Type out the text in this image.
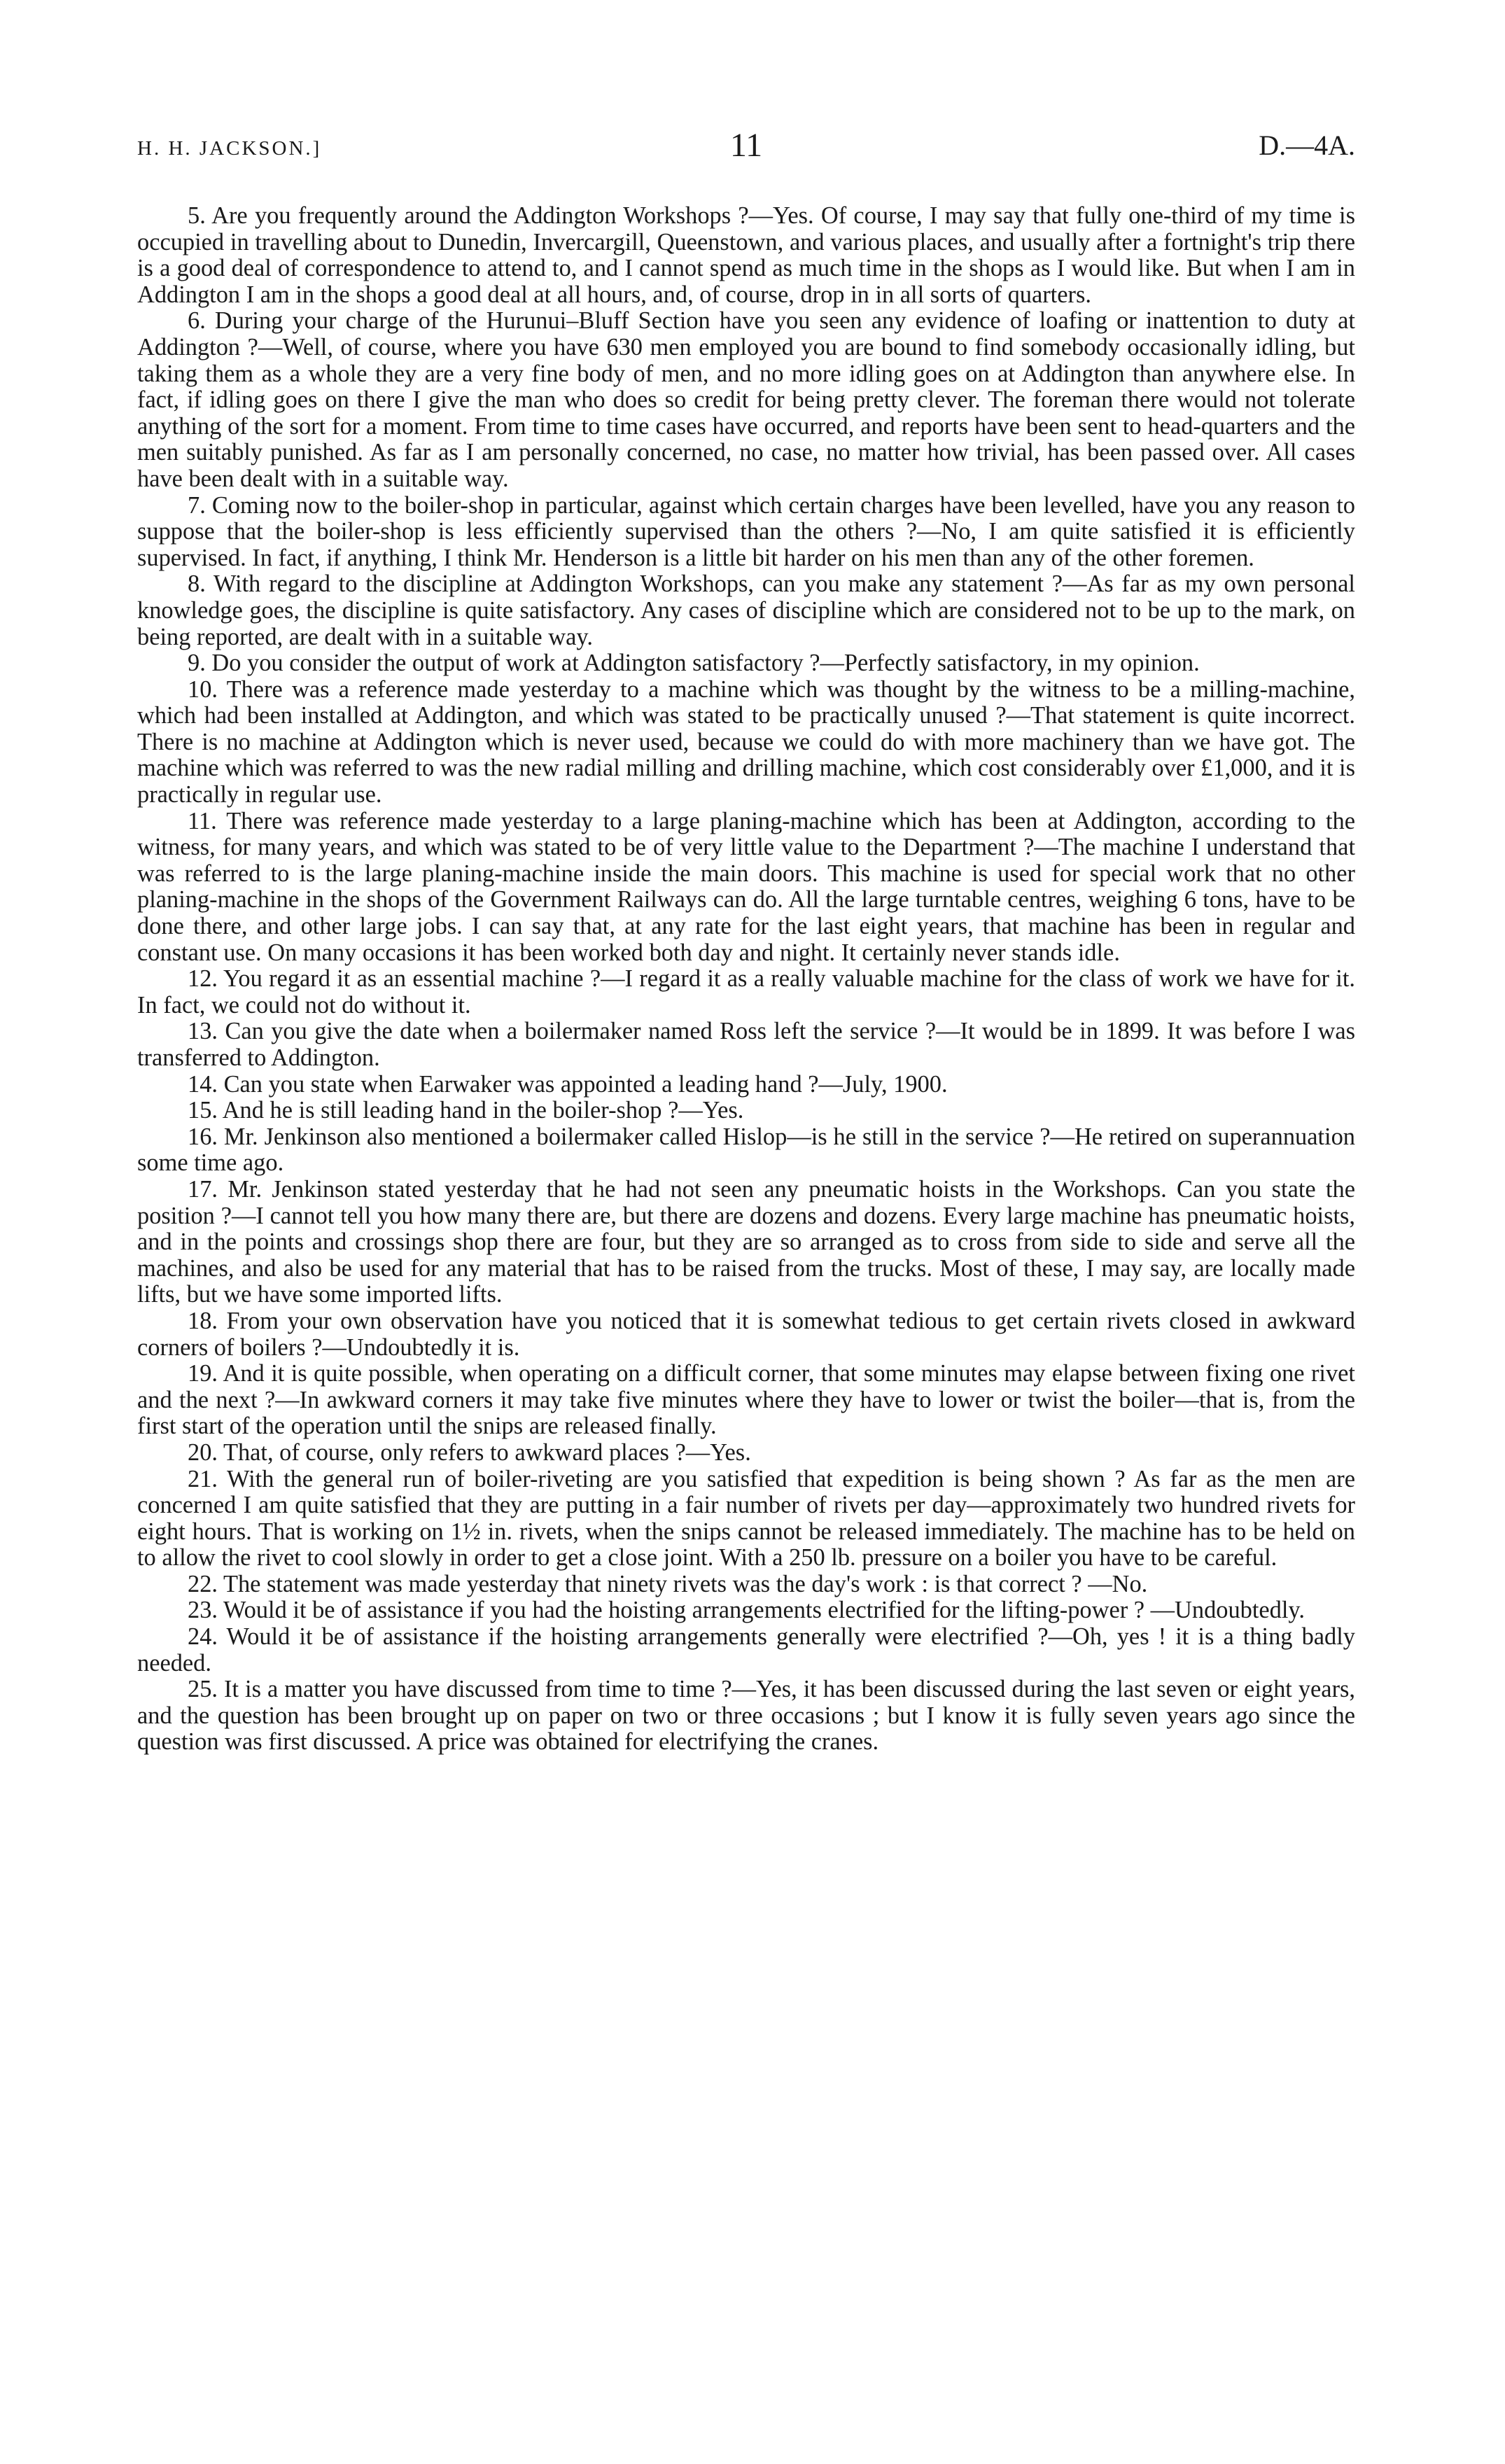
H. H. JACKSON.]	11	D.—4A.

5. Are you frequently around the Addington Workshops ?—Yes. Of course, I may say that fully one-third of my time is occupied in travelling about to Dunedin, Invercargill, Queenstown, and various places, and usually after a fortnight's trip there is a good deal of correspondence to attend to, and I cannot spend as much time in the shops as I would like. But when I am in Addington I am in the shops a good deal at all hours, and, of course, drop in in all sorts of quarters.

6. During your charge of the Hurunui–Bluff Section have you seen any evidence of loafing or inattention to duty at Addington ?—Well, of course, where you have 630 men employed you are bound to find somebody occasionally idling, but taking them as a whole they are a very fine body of men, and no more idling goes on at Addington than anywhere else. In fact, if idling goes on there I give the man who does so credit for being pretty clever. The foreman there would not tolerate anything of the sort for a moment. From time to time cases have occurred, and reports have been sent to head-quarters and the men suitably punished. As far as I am personally concerned, no case, no matter how trivial, has been passed over. All cases have been dealt with in a suitable way.

7. Coming now to the boiler-shop in particular, against which certain charges have been levelled, have you any reason to suppose that the boiler-shop is less efficiently supervised than the others ?—No, I am quite satisfied it is efficiently supervised. In fact, if anything, I think Mr. Henderson is a little bit harder on his men than any of the other foremen.

8. With regard to the discipline at Addington Workshops, can you make any statement ?—As far as my own personal knowledge goes, the discipline is quite satisfactory. Any cases of discipline which are considered not to be up to the mark, on being reported, are dealt with in a suitable way.

9. Do you consider the output of work at Addington satisfactory ?—Perfectly satisfactory, in my opinion.

10. There was a reference made yesterday to a machine which was thought by the witness to be a milling-machine, which had been installed at Addington, and which was stated to be practically unused ?—That statement is quite incorrect. There is no machine at Addington which is never used, because we could do with more machinery than we have got. The machine which was referred to was the new radial milling and drilling machine, which cost considerably over £1,000, and it is practically in regular use.

11. There was reference made yesterday to a large planing-machine which has been at Addington, according to the witness, for many years, and which was stated to be of very little value to the Department ?—The machine I understand that was referred to is the large planing-machine inside the main doors. This machine is used for special work that no other planing-machine in the shops of the Government Railways can do. All the large turntable centres, weighing 6 tons, have to be done there, and other large jobs. I can say that, at any rate for the last eight years, that machine has been in regular and constant use. On many occasions it has been worked both day and night. It certainly never stands idle.

12. You regard it as an essential machine ?—I regard it as a really valuable machine for the class of work we have for it. In fact, we could not do without it.

13. Can you give the date when a boilermaker named Ross left the service ?—It would be in 1899. It was before I was transferred to Addington.

14. Can you state when Earwaker was appointed a leading hand ?—July, 1900.

15. And he is still leading hand in the boiler-shop ?—Yes.

16. Mr. Jenkinson also mentioned a boilermaker called Hislop—is he still in the service ?—He retired on superannuation some time ago.

17. Mr. Jenkinson stated yesterday that he had not seen any pneumatic hoists in the Workshops. Can you state the position ?—I cannot tell you how many there are, but there are dozens and dozens. Every large machine has pneumatic hoists, and in the points and crossings shop there are four, but they are so arranged as to cross from side to side and serve all the machines, and also be used for any material that has to be raised from the trucks. Most of these, I may say, are locally made lifts, but we have some imported lifts.

18. From your own observation have you noticed that it is somewhat tedious to get certain rivets closed in awkward corners of boilers ?—Undoubtedly it is.

19. And it is quite possible, when operating on a difficult corner, that some minutes may elapse between fixing one rivet and the next ?—In awkward corners it may take five minutes where they have to lower or twist the boiler—that is, from the first start of the operation until the snips are released finally.

20. That, of course, only refers to awkward places ?—Yes.

21. With the general run of boiler-riveting are you satisfied that expedition is being shown ? As far as the men are concerned I am quite satisfied that they are putting in a fair number of rivets per day—approximately two hundred rivets for eight hours. That is working on 1½ in. rivets, when the snips cannot be released immediately. The machine has to be held on to allow the rivet to cool slowly in order to get a close joint. With a 250 lb. pressure on a boiler you have to be careful.

22. The statement was made yesterday that ninety rivets was the day's work : is that correct ? —No.

23. Would it be of assistance if you had the hoisting arrangements electrified for the lifting-power ? —Undoubtedly.

24. Would it be of assistance if the hoisting arrangements generally were electrified ?—Oh, yes ! it is a thing badly needed.

25. It is a matter you have discussed from time to time ?—Yes, it has been discussed during the last seven or eight years, and the question has been brought up on paper on two or three occasions ; but I know it is fully seven years ago since the question was first discussed. A price was obtained for electrifying the cranes.
